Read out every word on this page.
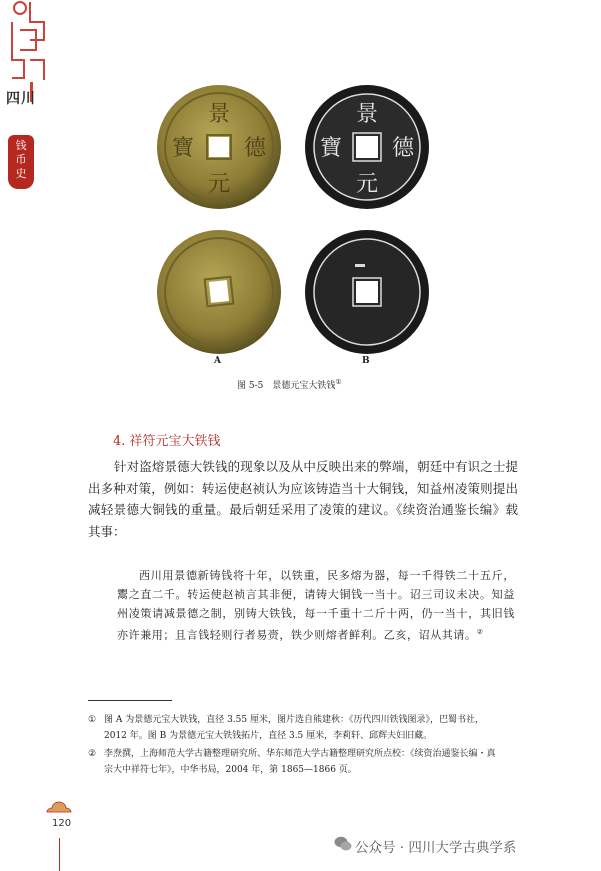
四川
钱币史
景
德
元
寶
景
德
元
寶
A	B
图 5-5　景德元宝大铁钱①
4. 祥符元宝大铁钱
针对盗熔景德大铁钱的现象以及从中反映出来的弊端，朝廷中有识之士提出多种对策，例如：转运使赵祯认为应该铸造当十大铜钱，知益州凌策则提出减轻景德大铜钱的重量。最后朝廷采用了凌策的建议。《续资治通鉴长编》载其事：
西川用景德新铸钱将十年，以铁重，民多熔为器，每一千得铁二十五斤，鬻之直二千。转运使赵祯言其非便，请铸大铜钱一当十。诏三司议未决。知益州凌策请减景德之制，别铸大铁钱，每一千重十二斤十两，仍一当十，其旧钱亦许兼用；且言钱轻则行者易赍，铁少则熔者鲜利。乙亥，诏从其请。②
① 图 A 为景德元宝大铁钱，直径 3.55 厘米，图片选自熊建秋：《历代四川铁钱图录》，巴蜀书社，2012 年。图 B 为景德元宝大铁钱拓片，直径 3.5 厘米，李莉轩、邱辉夫妇旧藏。
② 李焘撰，上海师范大学古籍整理研究所、华东师范大学古籍整理研究所点校：《续资治通鉴长编・真宗大中祥符七年》，中华书局，2004 年，第 1865—1866 页。
120
公众号 · 四川大学古典学系
